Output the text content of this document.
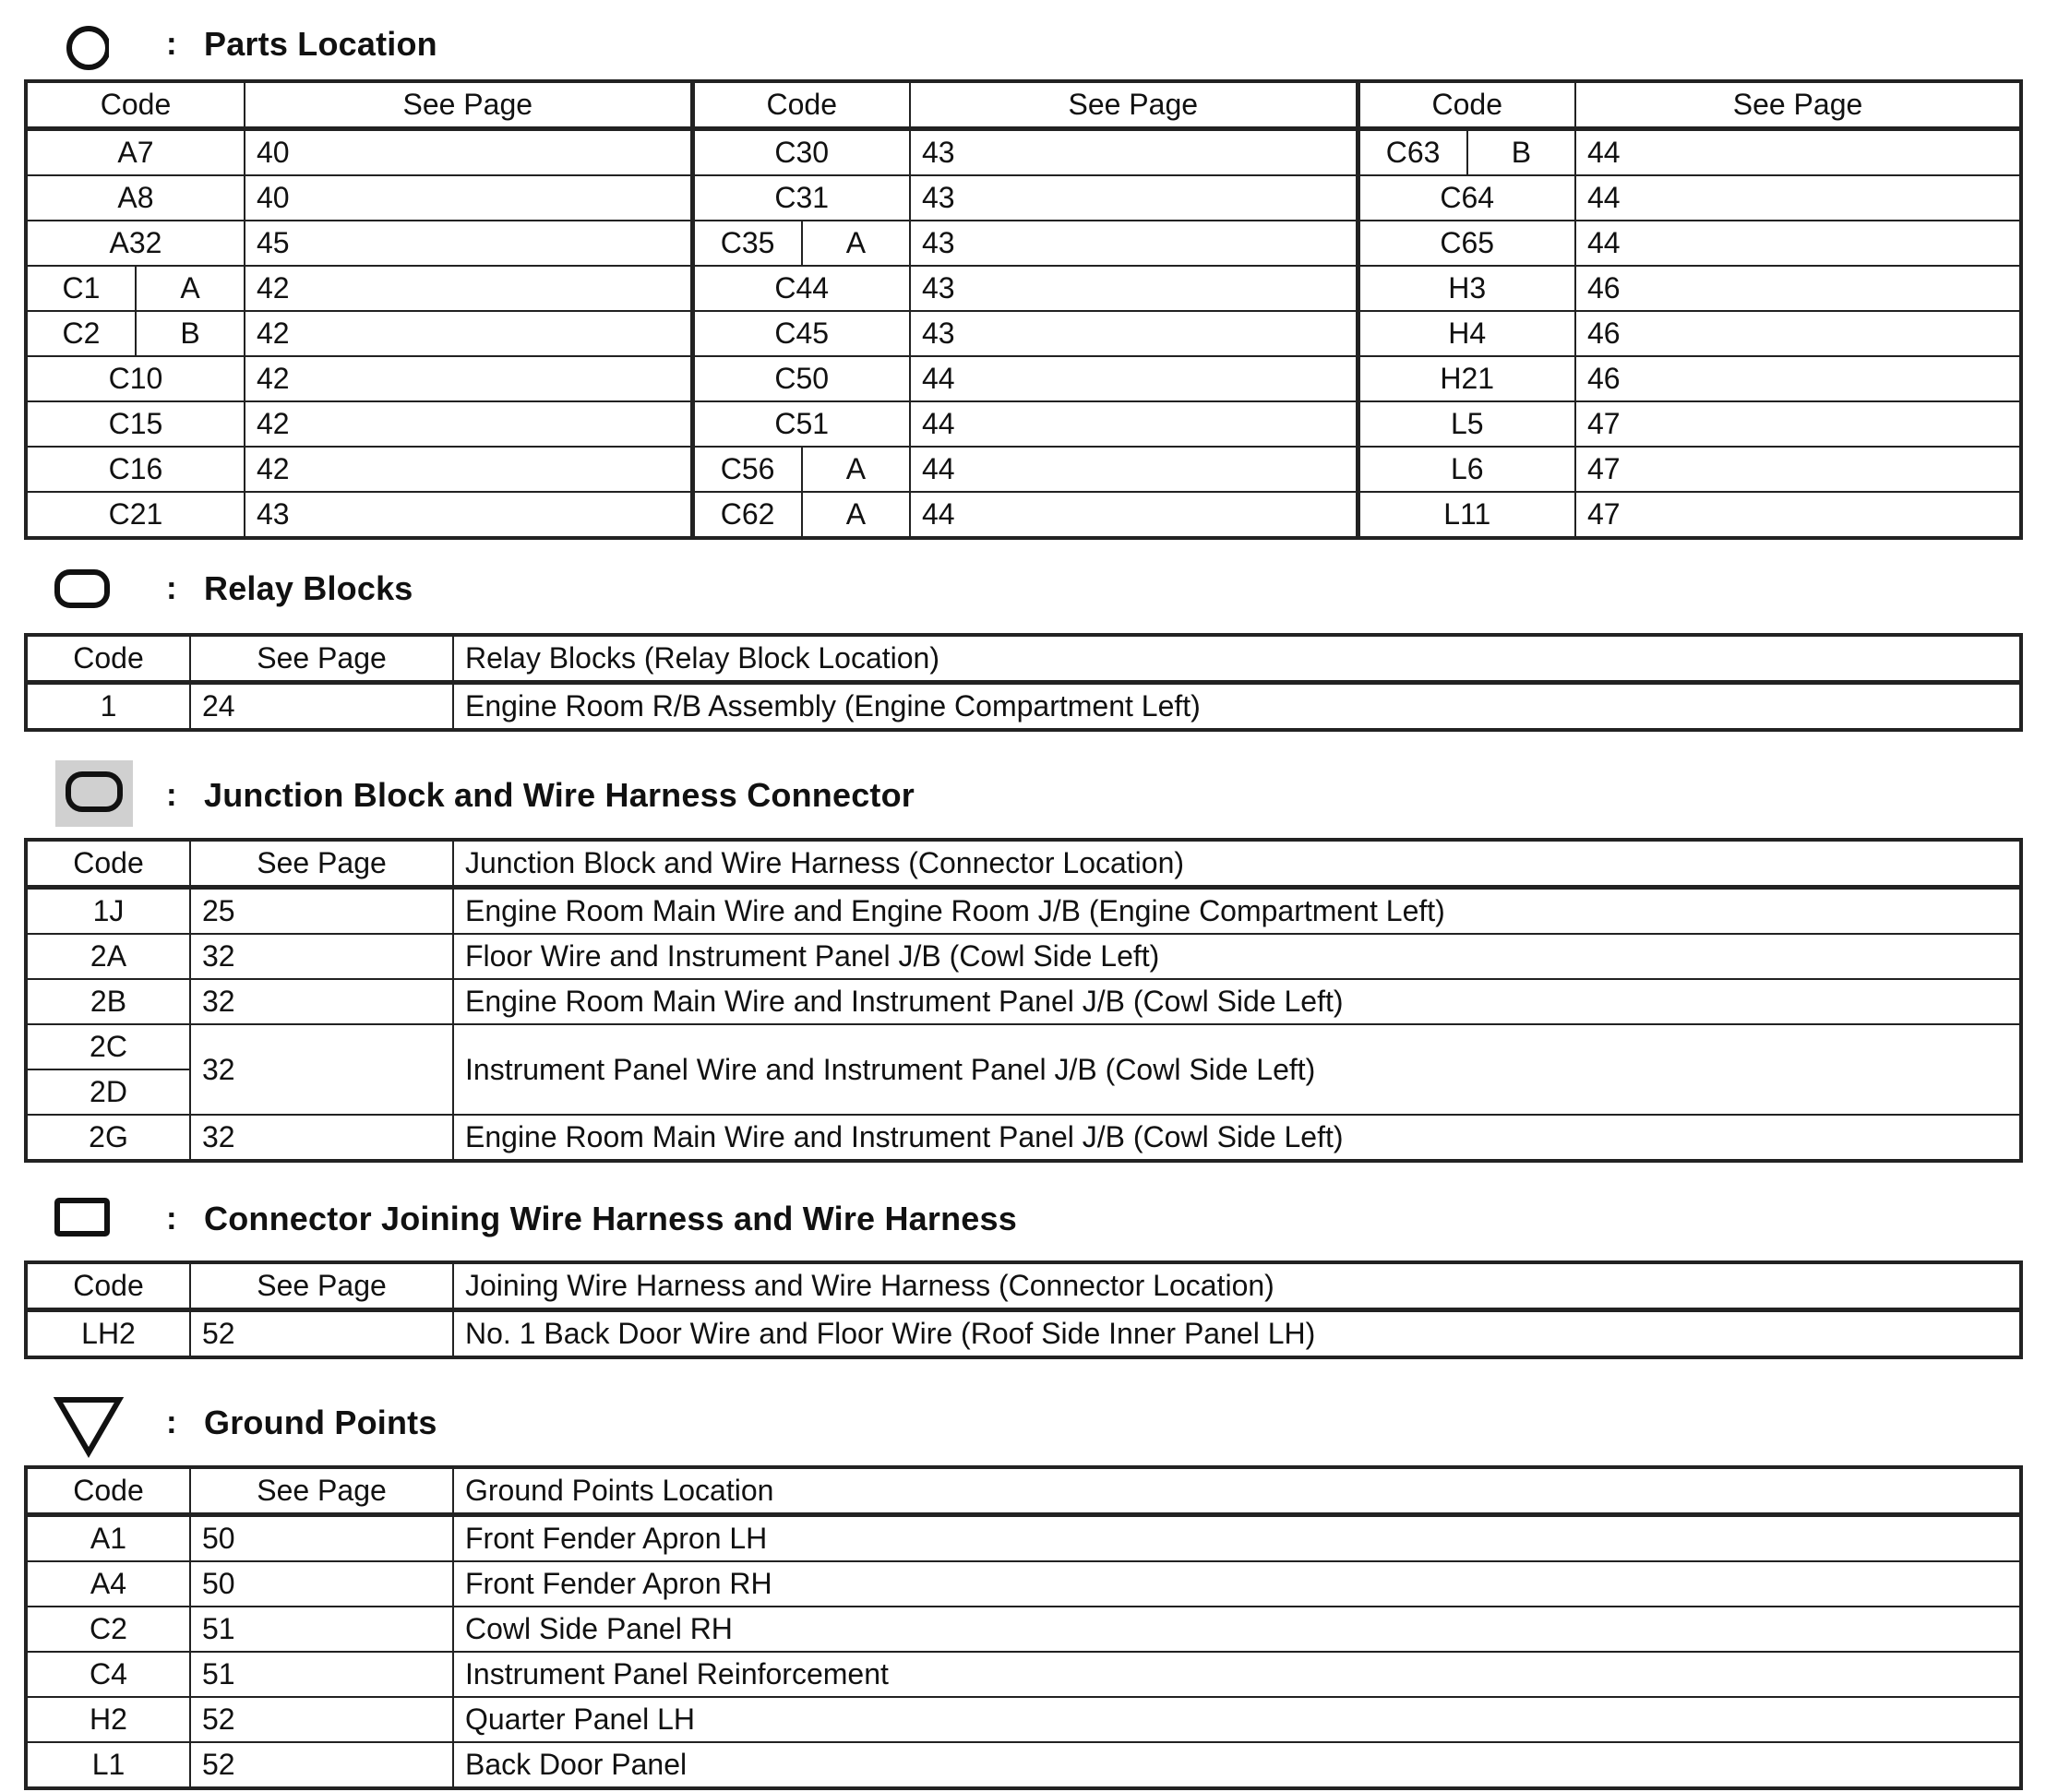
: Parts Location
Code	See Page	Code	See Page	Code	See Page
A7	40	C30	43	C63 B	44
A8	40	C31	43	C64	44
A32	45	C35 A	43	C65	44

C1 A	42	C44	43	H3	46

C2 B	42	C45	43	H4	46
C10	42	C50	44	H21	46
C15	42	C51	44	L5	47
C16	42	C56 A	44	L6	47
C21	43	C62 A	44	L11	47
: Relay Blocks
Code	See Page	Relay Blocks (Relay Block Location)
1	24	Engine Room R/B Assembly (Engine Compartment Left)
: Junction Block and Wire Harness Connector
Code	See Page	Junction Block and Wire Harness (Connector Location)
1J	25	Engine Room Main Wire and Engine Room J/B (Engine Compartment Left)
2A	32	Floor Wire and Instrument Panel J/B (Cowl Side Left)
2B	32	Engine Room Main Wire and Instrument Panel J/B (Cowl Side Left)
2C	32	Instrument Panel Wire and Instrument Panel J/B (Cowl Side Left)
2D		
2G	32	Engine Room Main Wire and Instrument Panel J/B (Cowl Side Left)
: Connector Joining Wire Harness and Wire Harness
Code	See Page	Joining Wire Harness and Wire Harness (Connector Location)
LH2	52	No. 1 Back Door Wire and Floor Wire (Roof Side Inner Panel LH)
: Ground Points
Code	See Page	Ground Points Location
A1	50	Front Fender Apron LH
A4	50	Front Fender Apron RH
C2	51	Cowl Side Panel RH
C4	51	Instrument Panel Reinforcement
H2	52	Quarter Panel LH
L1	52	Back Door Panel
